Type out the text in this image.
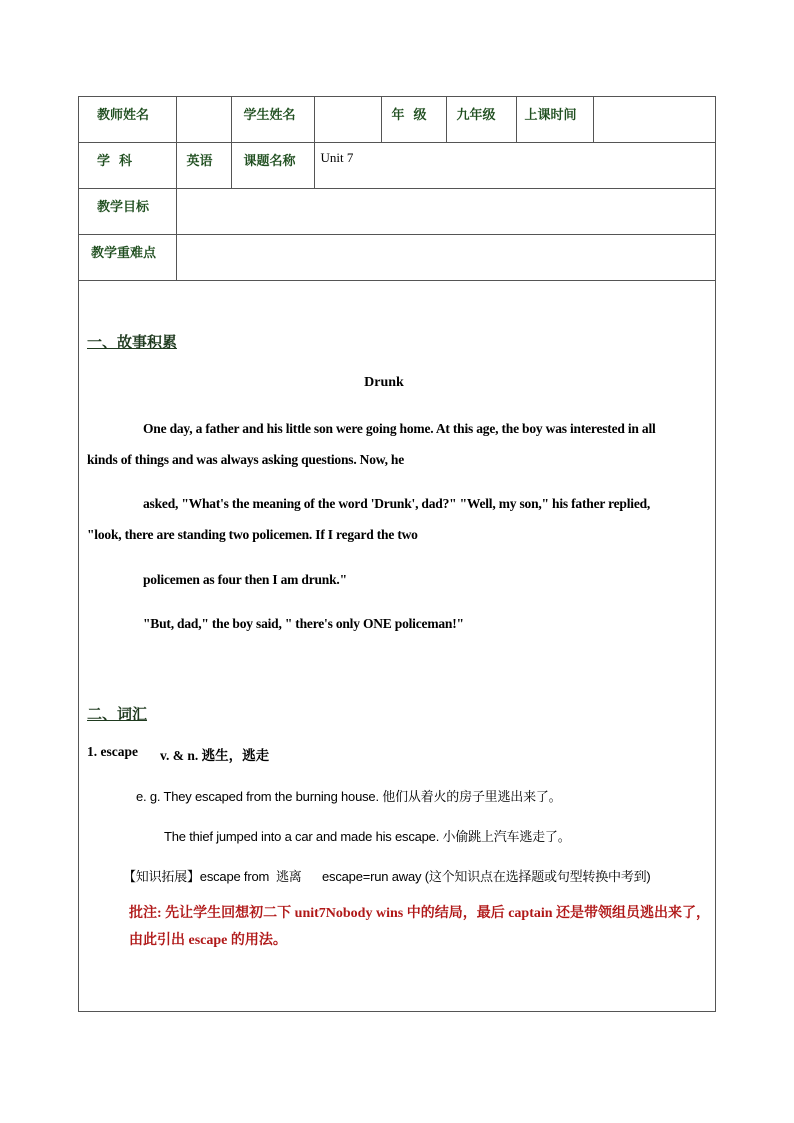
教师姓名		学生姓名		年  级	九年级	上课时间	
学  科	英语	课题名称	Unit 7				
教学目标							
教学重难点							
一、故事积累
Drunk
One day, a father and his little son were going home. At this age, the boy was interested in all
kinds of things and was always asking questions. Now, he
asked, "What's the meaning of the word 'Drunk', dad?" "Well, my son," his father replied,
"look, there are standing two policemen. If I regard the two
policemen as four then I am drunk."
"But, dad," the boy said, " there's only ONE policeman!"
二、词汇
1. escape v. & n. 逃生，逃走
e. g. They escaped from the burning house. 他们从着火的房子里逃出来了。
The thief jumped into a car and made his escape. 小偷跳上汽车逃走了。
【知识拓展】escape from  逃离      escape=run away (这个知识点在选择题或句型转换中考到)
批注: 先让学生回想初二下 unit7Nobody wins 中的结局，最后 captain 还是带领组员逃出来了，由此引出 escape 的用法。
